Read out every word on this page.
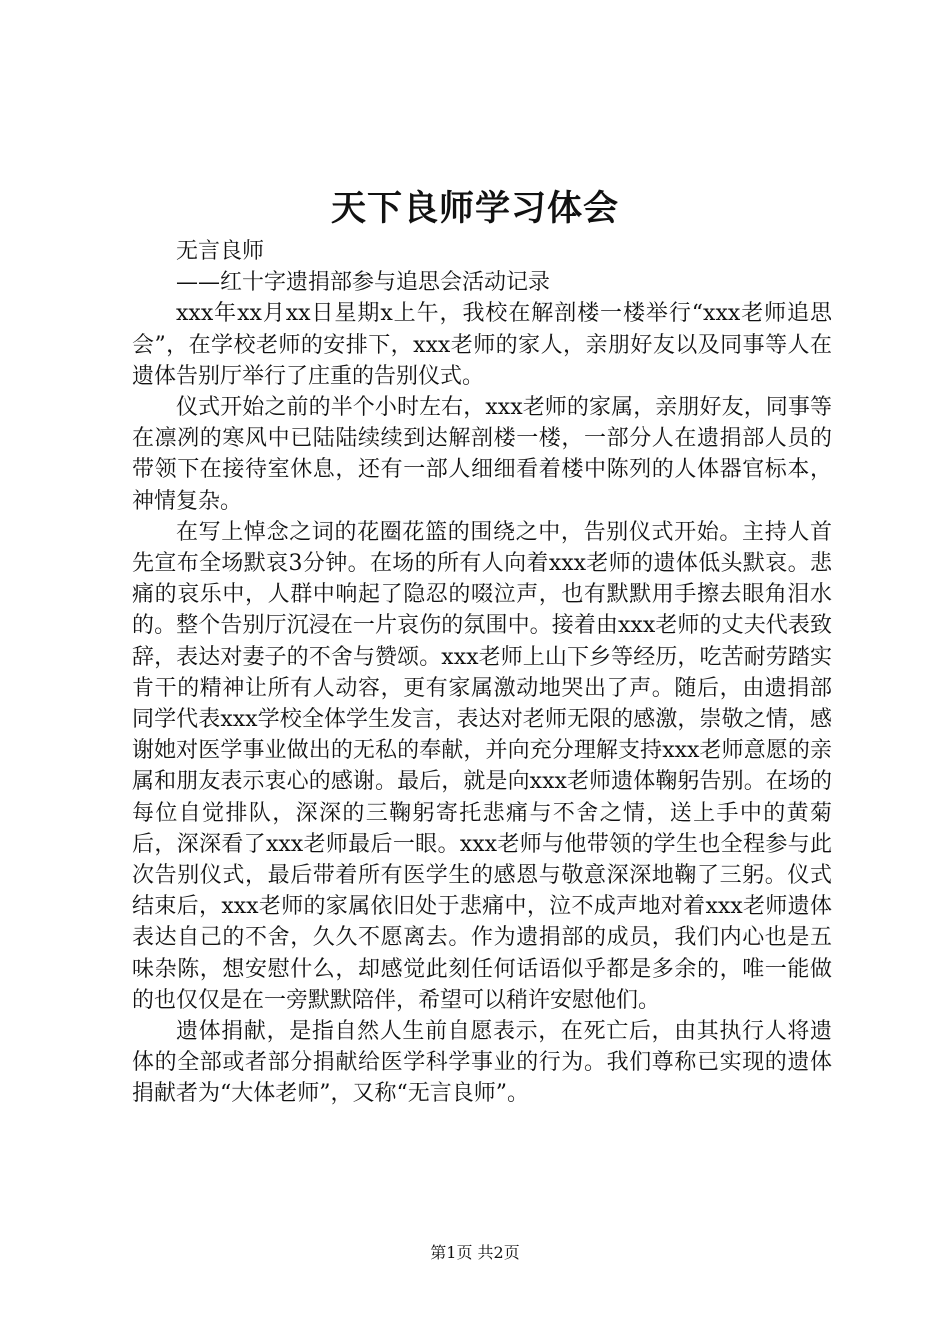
天下良师学习体会

无言良师

——红十字遗捐部参与追思会活动记录

xxx年xx月xx日星期x上午，我校在解剖楼一楼举行“xxx老师追思会”，在学校老师的安排下，xxx老师的家人，亲朋好友以及同事等人在遗体告别厅举行了庄重的告别仪式。

仪式开始之前的半个小时左右，xxx老师的家属，亲朋好友，同事等在凛冽的寒风中已陆陆续续到达解剖楼一楼，一部分人在遗捐部人员的带领下在接待室休息，还有一部人细细看着楼中陈列的人体器官标本，神情复杂。

在写上悼念之词的花圈花篮的围绕之中，告别仪式开始。主持人首先宣布全场默哀3分钟。在场的所有人向着xxx老师的遗体低头默哀。悲痛的哀乐中，人群中响起了隐忍的啜泣声，也有默默用手擦去眼角泪水的。整个告别厅沉浸在一片哀伤的氛围中。接着由xxx老师的丈夫代表致辞，表达对妻子的不舍与赞颂。xxx老师上山下乡等经历，吃苦耐劳踏实肯干的精神让所有人动容，更有家属激动地哭出了声。随后，由遗捐部同学代表xxx学校全体学生发言，表达对老师无限的感激，崇敬之情，感谢她对医学事业做出的无私的奉献，并向充分理解支持xxx老师意愿的亲属和朋友表示衷心的感谢。最后，就是向xxx老师遗体鞠躬告别。在场的每位自觉排队，深深的三鞠躬寄托悲痛与不舍之情，送上手中的黄菊后，深深看了xxx老师最后一眼。xxx老师与他带领的学生也全程参与此次告别仪式，最后带着所有医学生的感恩与敬意深深地鞠了三躬。仪式结束后，xxx老师的家属依旧处于悲痛中，泣不成声地对着xxx老师遗体表达自己的不舍，久久不愿离去。作为遗捐部的成员，我们内心也是五味杂陈，想安慰什么，却感觉此刻任何话语似乎都是多余的，唯一能做的也仅仅是在一旁默默陪伴，希望可以稍许安慰他们。

遗体捐献，是指自然人生前自愿表示，在死亡后，由其执行人将遗体的全部或者部分捐献给医学科学事业的行为。我们尊称已实现的遗体捐献者为“大体老师”，又称“无言良师”。

第1页 共2页
